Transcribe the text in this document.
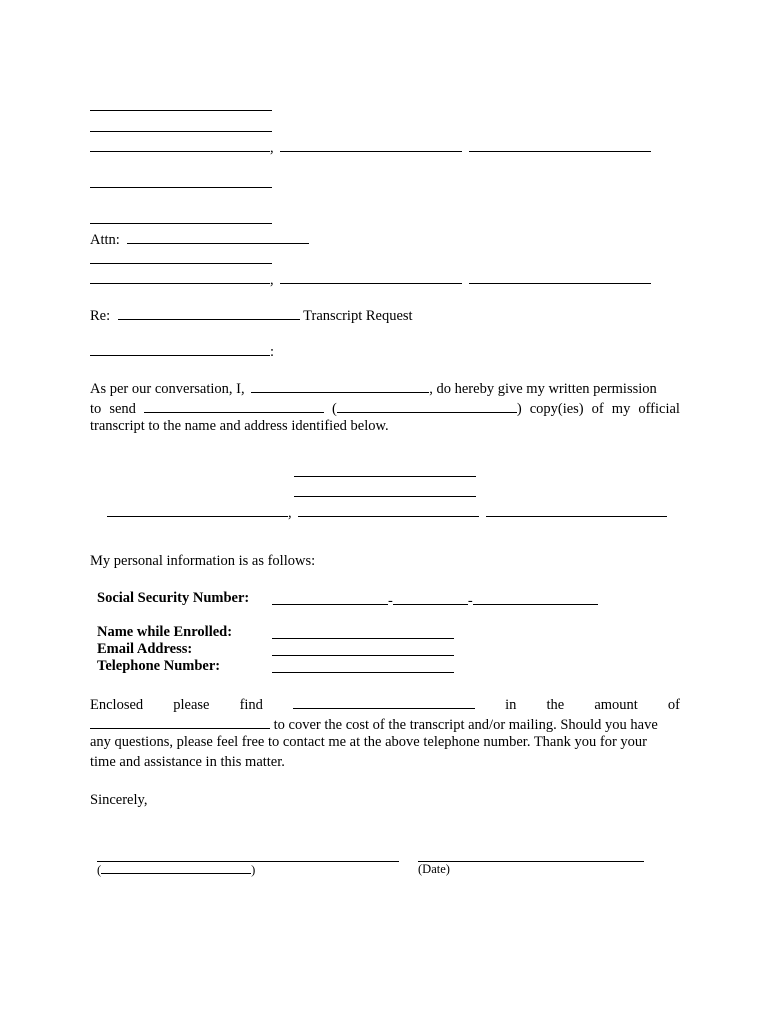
,
Attn:
,
Re:	Transcript Request
:
As per our conversation, I,	, do hereby give my written permission
to send	(	) copy(ies) of my official
transcript to the name and address identified below.
,
My personal information is as follows:
Social Security Number:	-	-
Name while Enrolled:
Email Address:
Telephone Number:
Enclosed please find	in the amount of
to cover the cost of the transcript and/or mailing. Should you have
any questions, please feel free to contact me at the above telephone number. Thank you for your
time and assistance in this matter.
Sincerely,
(	)	(Date)
